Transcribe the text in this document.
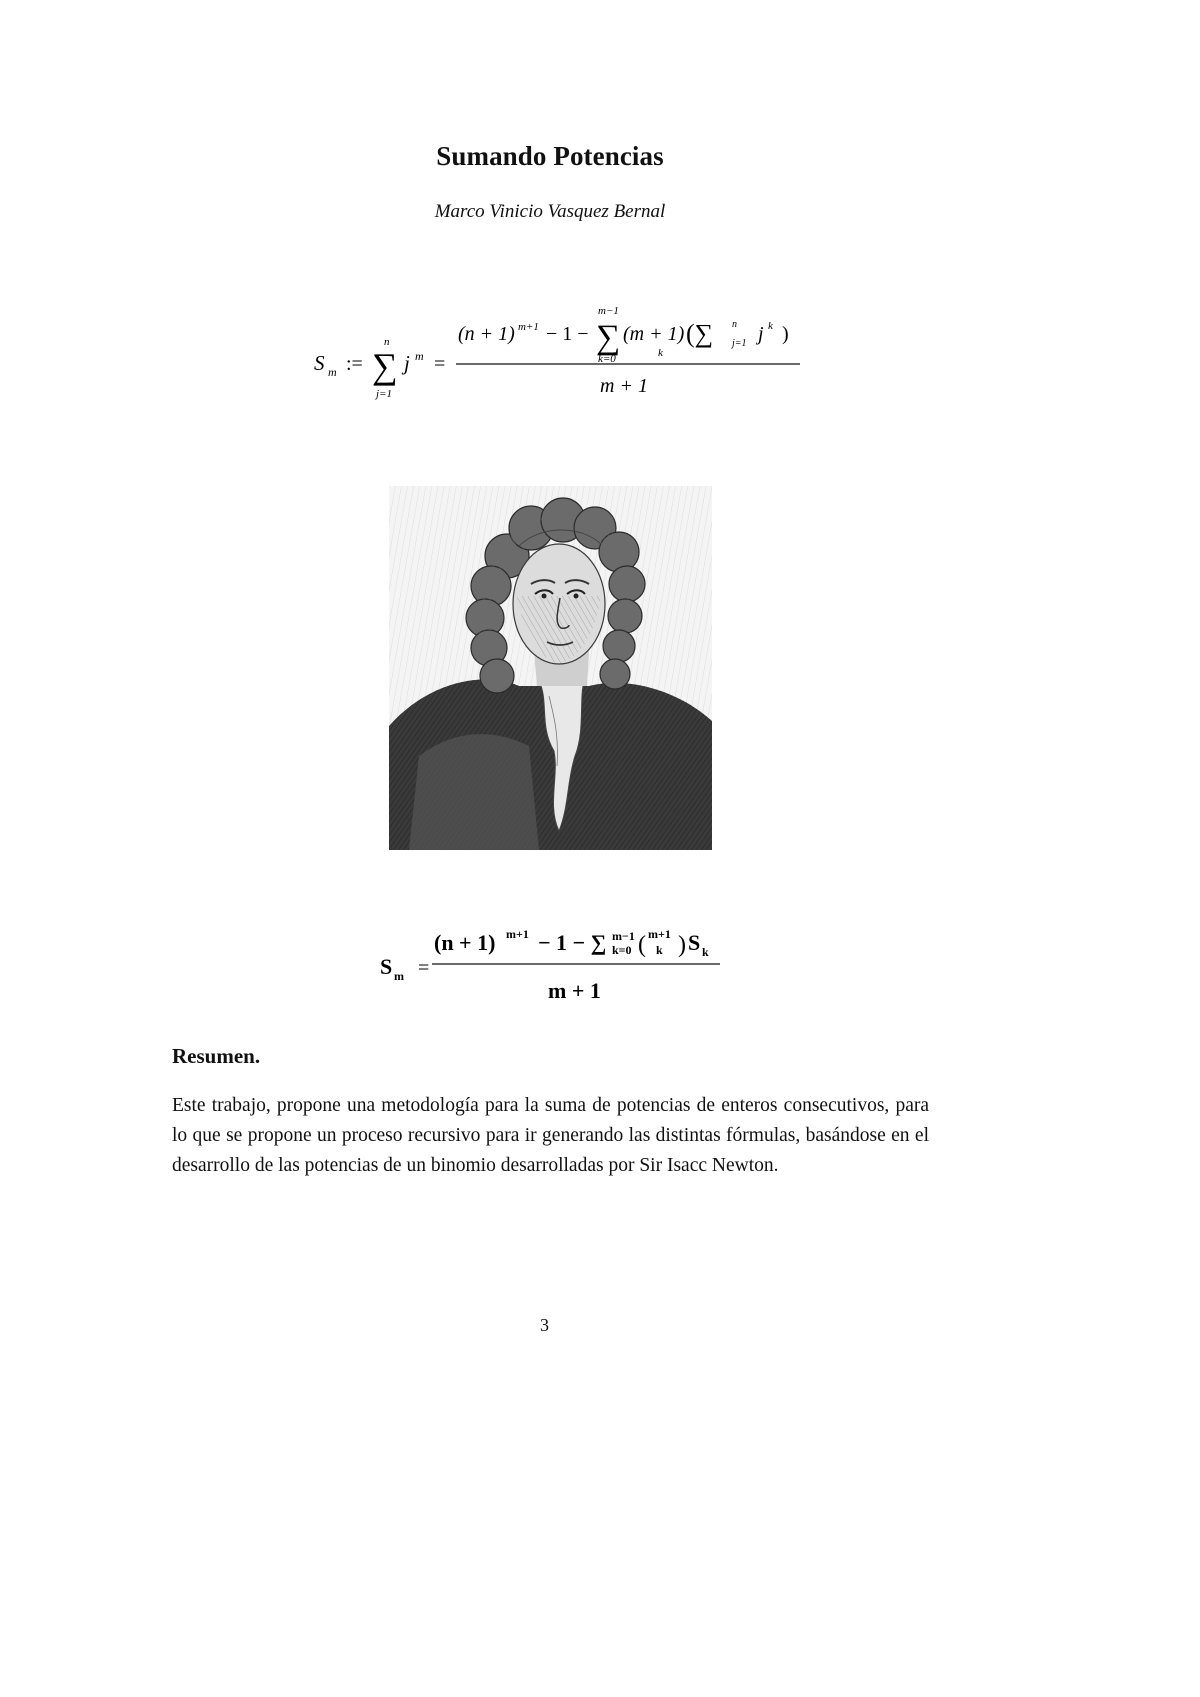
Sumando Potencias
Marco Vinicio Vasquez Bernal
S m := ∑
n
j=1
j m =
(n + 1) m+1 − 1 − ∑
m−1
k=0
(m + 1)
k
(∑ n
j=1 j k )
m + 1
S m =
(n + 1) m+1 − 1 − ∑ m−1
k=0 ( m+1
k ) S k
m + 1
Resumen.

Este trabajo, propone una metodología para la suma de potencias de enteros consecutivos, para lo que se propone un proceso recursivo para ir generando las distintas fórmulas, basándose en el desarrollo de las potencias de un binomio desarrolladas por Sir Isacc Newton.

3
